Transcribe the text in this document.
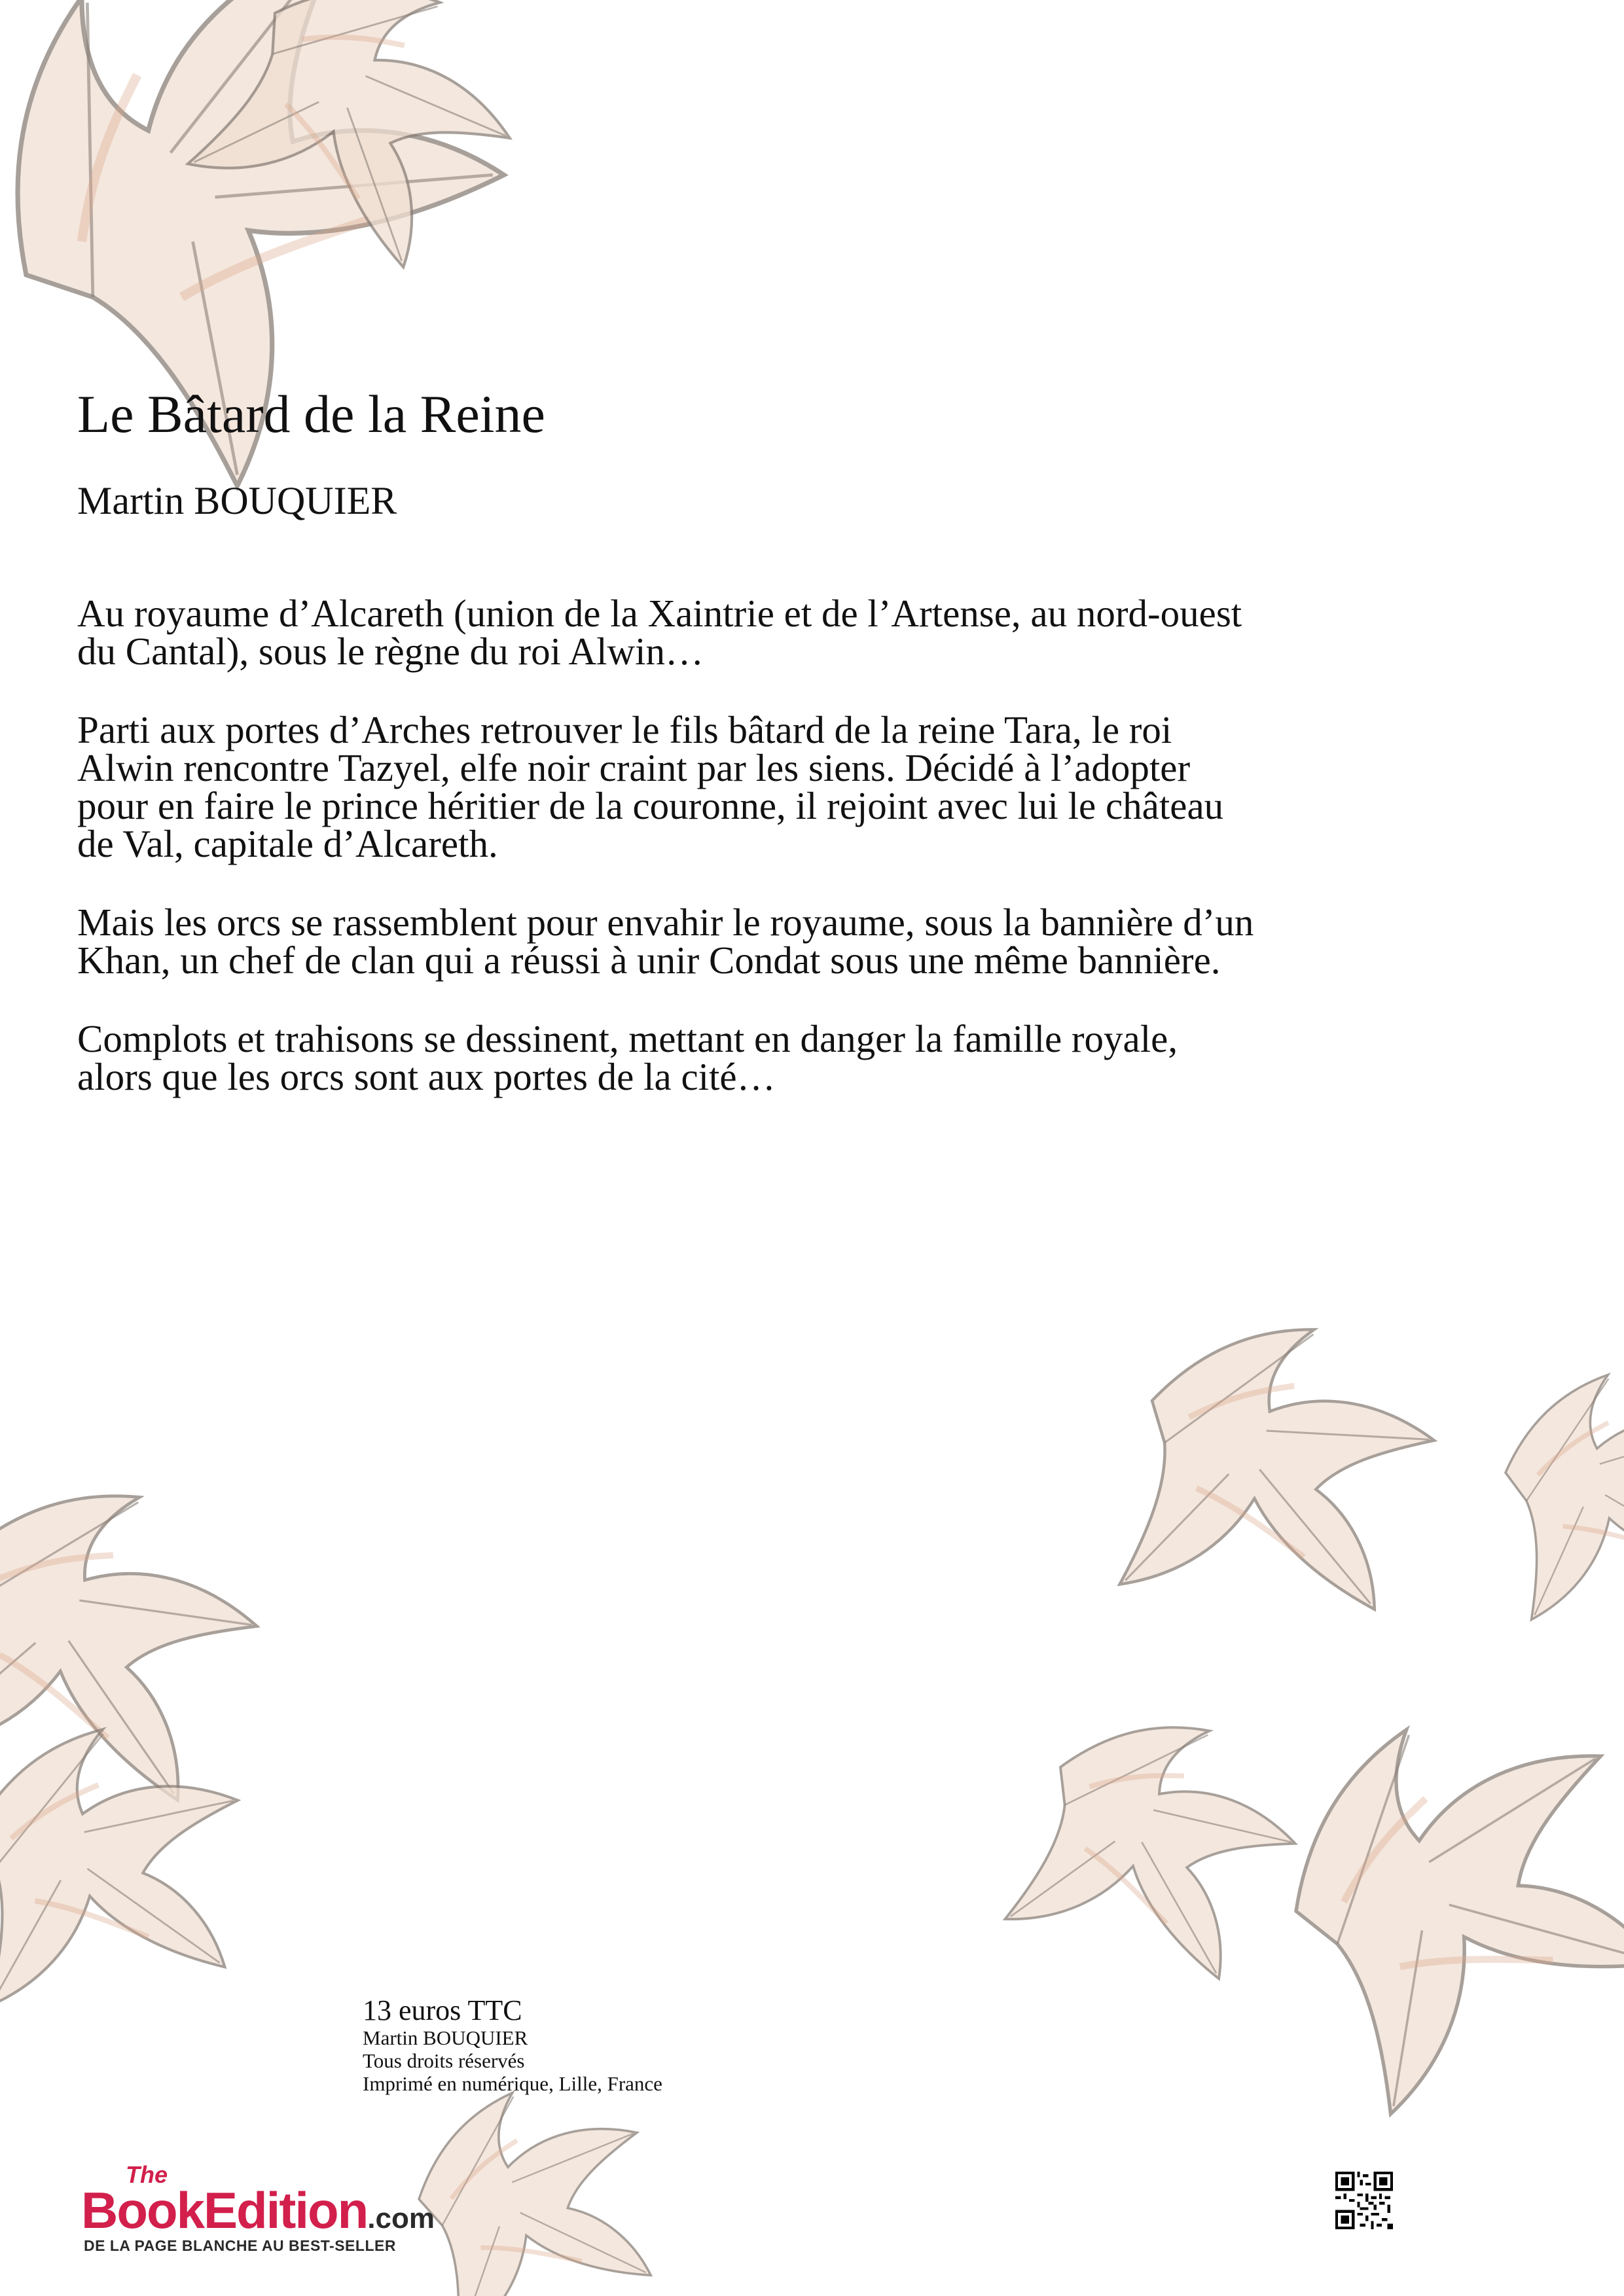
Le Bâtard de la Reine
Martin BOUQUIER

Au royaume d’Alcareth (union de la Xaintrie et de l’Artense, au nord-ouest du Cantal), sous le règne du roi Alwin…

Parti aux portes d’Arches retrouver le fils bâtard de la reine Tara, le roi Alwin rencontre Tazyel, elfe noir craint par les siens. Décidé à l’adopter pour en faire le prince héritier de la couronne, il rejoint avec lui le château de Val, capitale d’Alcareth.

Mais les orcs se rassemblent pour envahir le royaume, sous la bannière d’un Khan, un chef de clan qui a réussi à unir Condat sous une même bannière.

Complots et trahisons se dessinent, mettant en danger la famille royale, alors que les orcs sont aux portes de la cité…

13 euros TTC
Martin BOUQUIER
Tous droits réservés
Imprimé en numérique, Lille, France
The
BookEdition.com
DE LA PAGE BLANCHE AU BEST-SELLER
